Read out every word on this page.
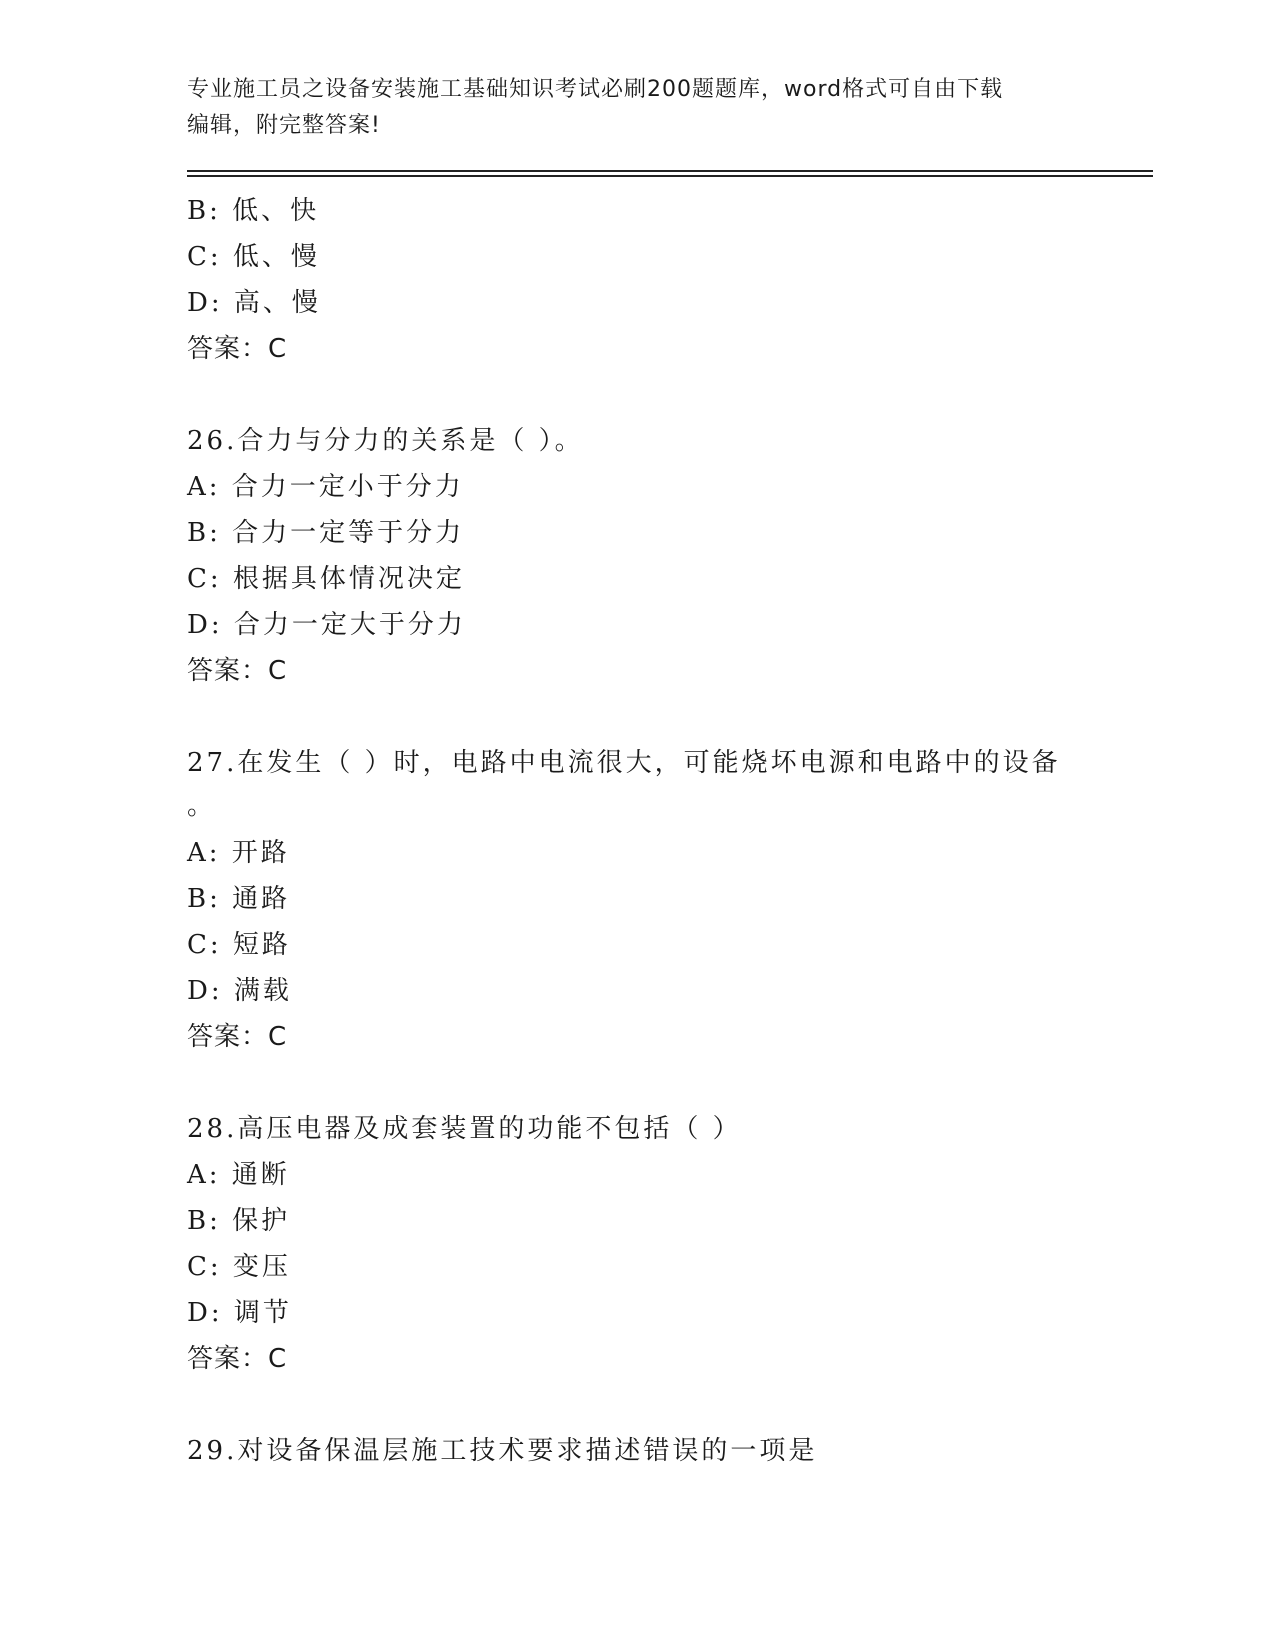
专业施工员之设备安装施工基础知识考试必刷200题题库，word格式可自由下载
编辑，附完整答案!
B: 低、快
C: 低、慢
D: 高、慢
答案：C
26.合力与分力的关系是（ ）。
A: 合力一定小于分力
B: 合力一定等于分力
C: 根据具体情况决定
D: 合力一定大于分力
答案：C
27.在发生（ ）时，电路中电流很大，可能烧坏电源和电路中的设备
。
A: 开路
B: 通路
C: 短路
D: 满载
答案：C
28.高压电器及成套装置的功能不包括（ ）
A: 通断
B: 保护
C: 变压
D: 调节
答案：C
29.对设备保温层施工技术要求描述错误的一项是
